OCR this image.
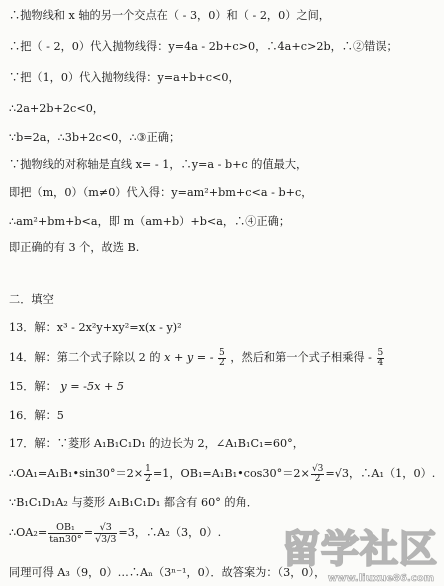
∴抛物线和 x 轴的另一个交点在（ - 3，0）和（ - 2，0）之间，
∴把（ - 2，0）代入抛物线得：y=4a - 2b+c>0，∴4a+c>2b，∴②错误；
∵把（1，0）代入抛物线得：y=a+b+c<0，
∴2a+2b+2c<0，
∵b=2a，∴3b+2c<0，∴③正确；
∵抛物线的对称轴是直线 x= - 1，∴y=a - b+c 的值最大，
即把（m，0）（m≠0）代入得：y=am²+bm+c<a - b+c，
∴am²+bm+b<a，即 m（am+b）+b<a，∴④正确；
即正确的有 3 个，故选 B.
二．填空
13．解：x³ - 2x²y+xy²=x(x - y)²
14．解：第二个式子除以 2 的 x + y = - $\frac{5}{2}$ ，然后和第一个式子相乘得 - $\frac{5}{4}$
15．解： y = -5x + 5
16．解：5
17．解：∵菱形 A₁B₁C₁D₁ 的边长为 2，∠A₁B₁C₁=60°，
∴OA₁=A₁B₁•sin30°＝2× $\frac{1}{2} =1$，OB₁=A₁B₁•cos30°＝2× $\frac{√3}{2} =√3$，∴A₁（1，0）.
∵B₁C₁D₁A₂ 与菱形 A₁B₁C₁D₁ 都含有 60° 的角．
∴OA₂= $\frac{\text{OB₁}}{\tan 30^\circ} = \frac{√3}{√3/3} =3$，∴A₂（3，0）.
同理可得 A₃（9，0）…∴Aₙ（3ⁿ⁻¹，0）．故答案为：（3，0），
留学社区
www.liuxue86.com
